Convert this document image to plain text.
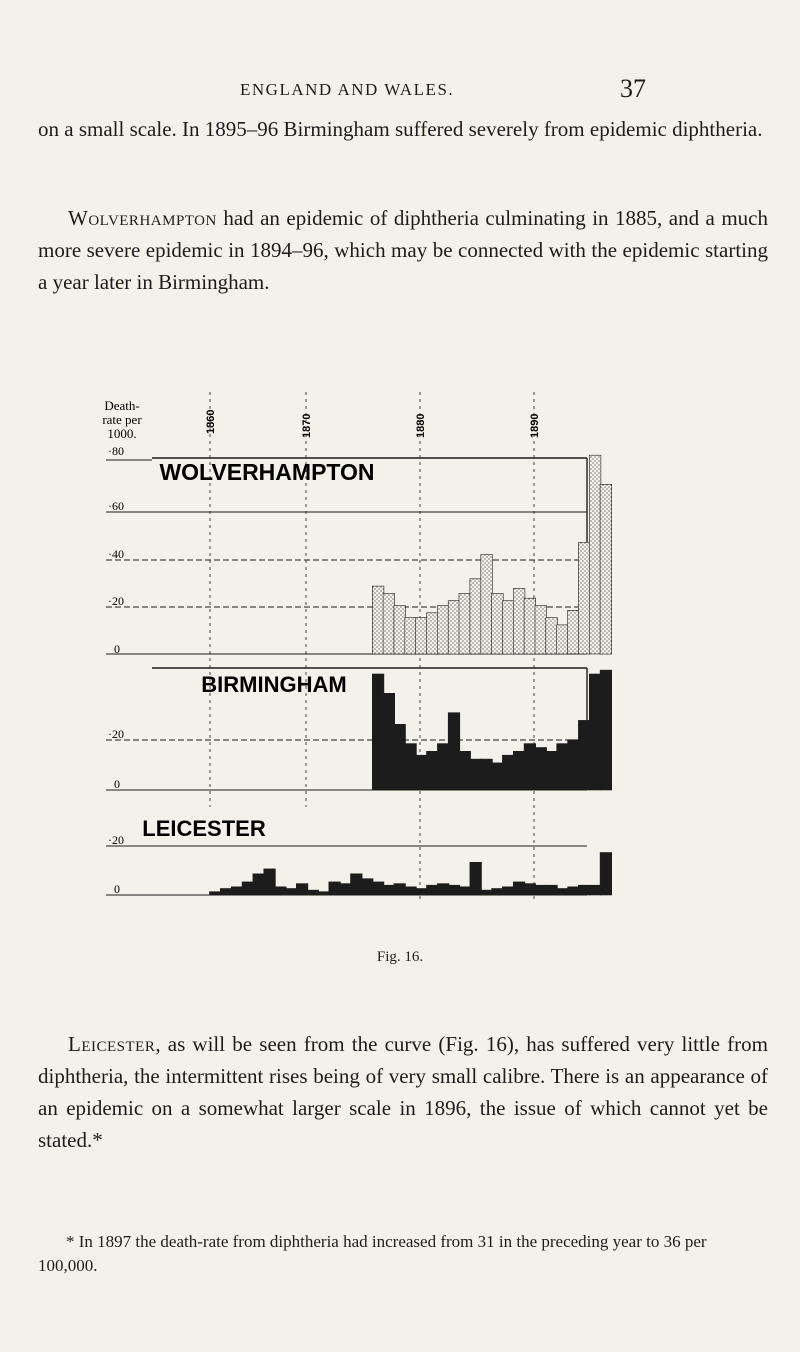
ENGLAND AND WALES.	37

on a small scale. In 1895–96 Birmingham suffered severely from epidemic diphtheria.

Wolverhampton had an epidemic of diphtheria culminating in 1885, and a much more severe epidemic in 1894–96, which may be connected with the epidemic starting a year later in Birmingham.

Death-
rate per
1000.	1860	1870	1880	1890
WOLVERHAMPTON
BIRMINGHAM
LEICESTER
·80
·60
·40
·20
0
·20
0
·20
0
Fig. 16.

Leicester, as will be seen from the curve (Fig. 16), has suffered very little from diphtheria, the intermittent rises being of very small calibre. There is an appearance of an epidemic on a somewhat larger scale in 1896, the issue of which cannot yet be stated.*

* In 1897 the death-rate from diphtheria had increased from 31 in the preceding year to 36 per 100,000.
